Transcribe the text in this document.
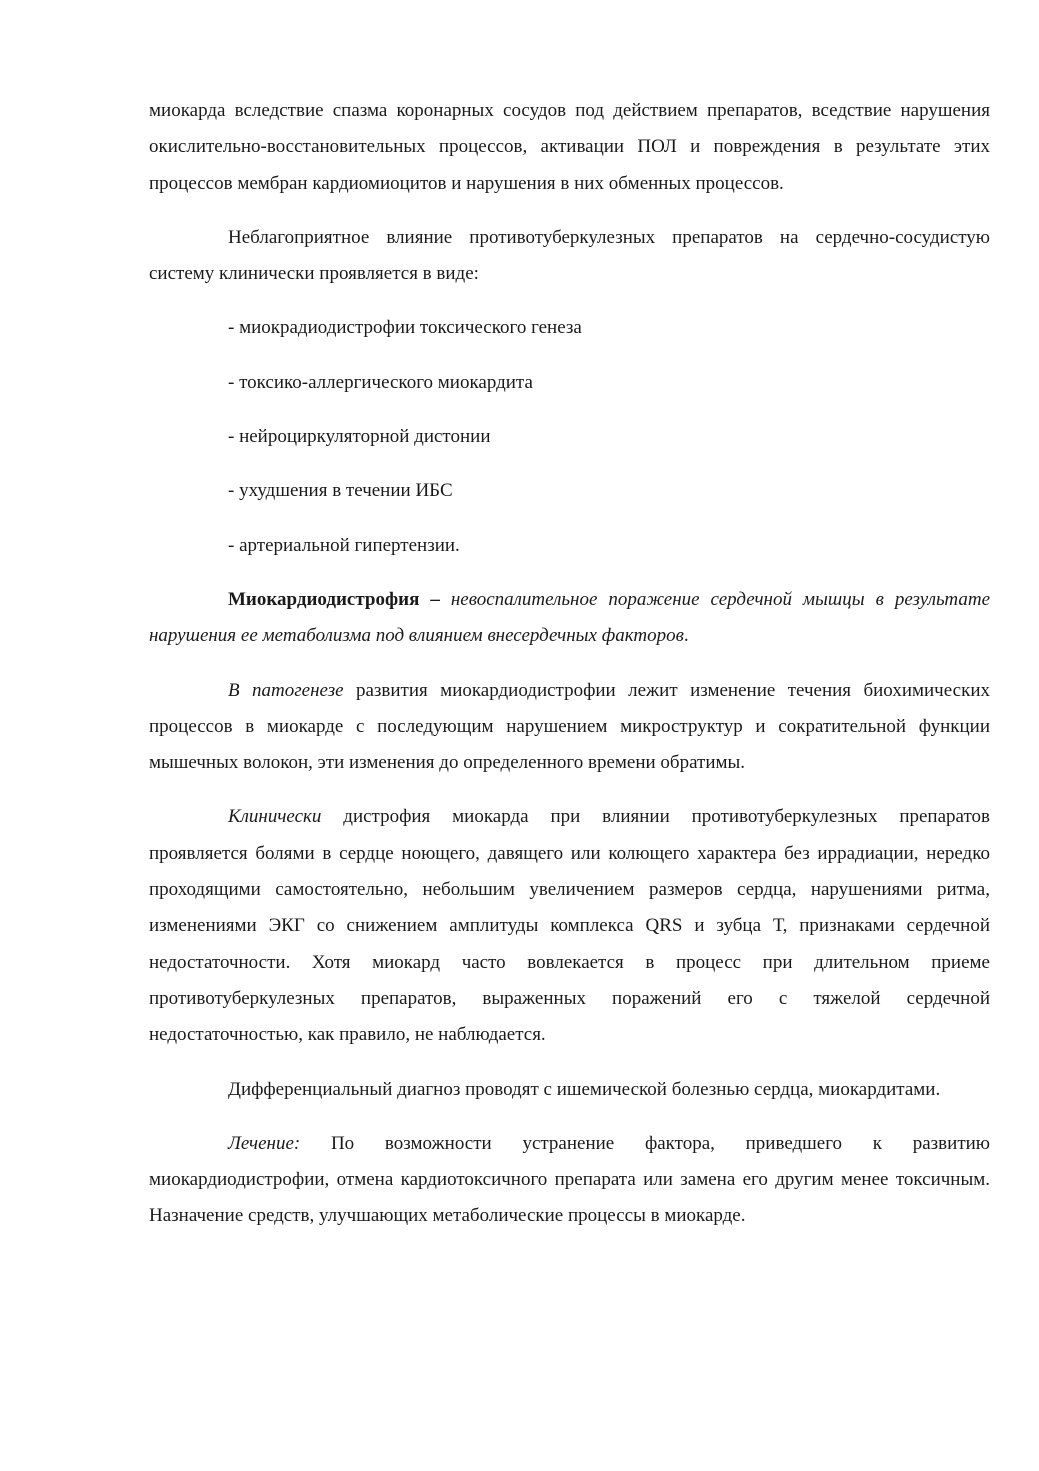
миокарда вследствие спазма коронарных сосудов под действием препаратов, вседствие нарушения окислительно-восстановительных процессов, активации ПОЛ и повреждения в результате этих процессов мембран кардиомиоцитов и нарушения в них обменных процессов.

Неблагоприятное влияние противотуберкулезных препаратов на сердечно-сосудистую систему клинически проявляется в виде:

- миокрадиодистрофии токсического генеза

- токсико-аллергического миокардита

- нейроциркуляторной дистонии

- ухудшения в течении ИБС

- артериальной гипертензии.

Миокардиодистрофия – невоспалительное поражение сердечной мышцы в результате нарушения ее метаболизма под влиянием внесердечных факторов.

В патогенезе развития миокардиодистрофии лежит изменение течения биохимических процессов в миокарде с последующим нарушением микроструктур и сократительной функции мышечных волокон, эти изменения до определенного времени обратимы.

Клинически дистрофия миокарда при влиянии противотуберкулезных препаратов проявляется болями в сердце ноющего, давящего или колющего характера без иррадиации, нередко проходящими самостоятельно, небольшим увеличением размеров сердца, нарушениями ритма, изменениями ЭКГ со снижением амплитуды комплекса QRS и зубца Т, признаками сердечной недостаточности. Хотя миокард часто вовлекается в процесс при длительном приеме противотуберкулезных препаратов, выраженных поражений его с тяжелой сердечной недостаточностью, как правило, не наблюдается.

Дифференциальный диагноз проводят с ишемической болезнью сердца, миокардитами.

Лечение: По возможности устранение фактора, приведшего к развитию миокардиодистрофии, отмена кардиотоксичного препарата или замена его другим менее токсичным. Назначение средств, улучшающих метаболические процессы в миокарде.
